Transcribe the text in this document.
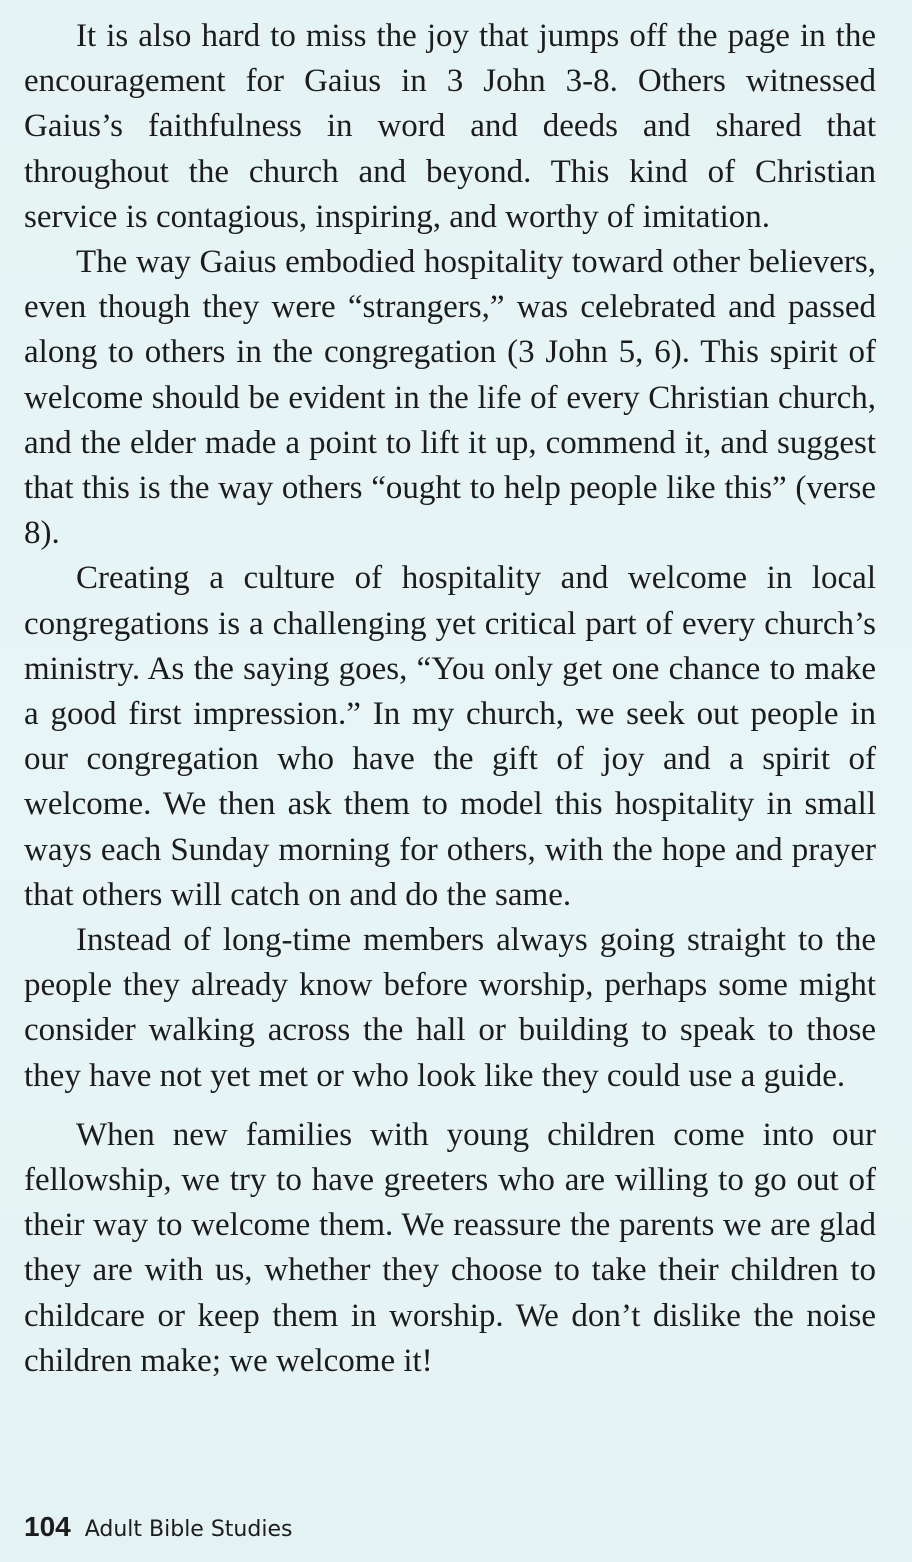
It is also hard to miss the joy that jumps off the page in the encouragement for Gaius in 3 John 3-8. Others witnessed Gaius’s faithfulness in word and deeds and shared that throughout the church and beyond. This kind of Christian service is contagious, inspiring, and worthy of imitation.

The way Gaius embodied hospitality toward other believers, even though they were “strangers,” was celebrated and passed along to others in the congregation (3 John 5, 6). This spirit of welcome should be evident in the life of every Christian church, and the elder made a point to lift it up, commend it, and suggest that this is the way others “ought to help people like this” (verse 8).

Creating a culture of hospitality and welcome in local congregations is a challenging yet critical part of every church’s ministry. As the saying goes, “You only get one chance to make a good first impression.” In my church, we seek out people in our congregation who have the gift of joy and a spirit of welcome. We then ask them to model this hospitality in small ways each Sunday morning for others, with the hope and prayer that others will catch on and do the same.

Instead of long-time members always going straight to the people they already know before worship, perhaps some might consider walking across the hall or building to speak to those they have not yet met or who look like they could use a guide.

When new families with young children come into our fellowship, we try to have greeters who are willing to go out of their way to welcome them. We reassure the parents we are glad they are with us, whether they choose to take their children to childcare or keep them in worship. We don’t dislike the noise children make; we welcome it!

104 Adult Bible Studies
